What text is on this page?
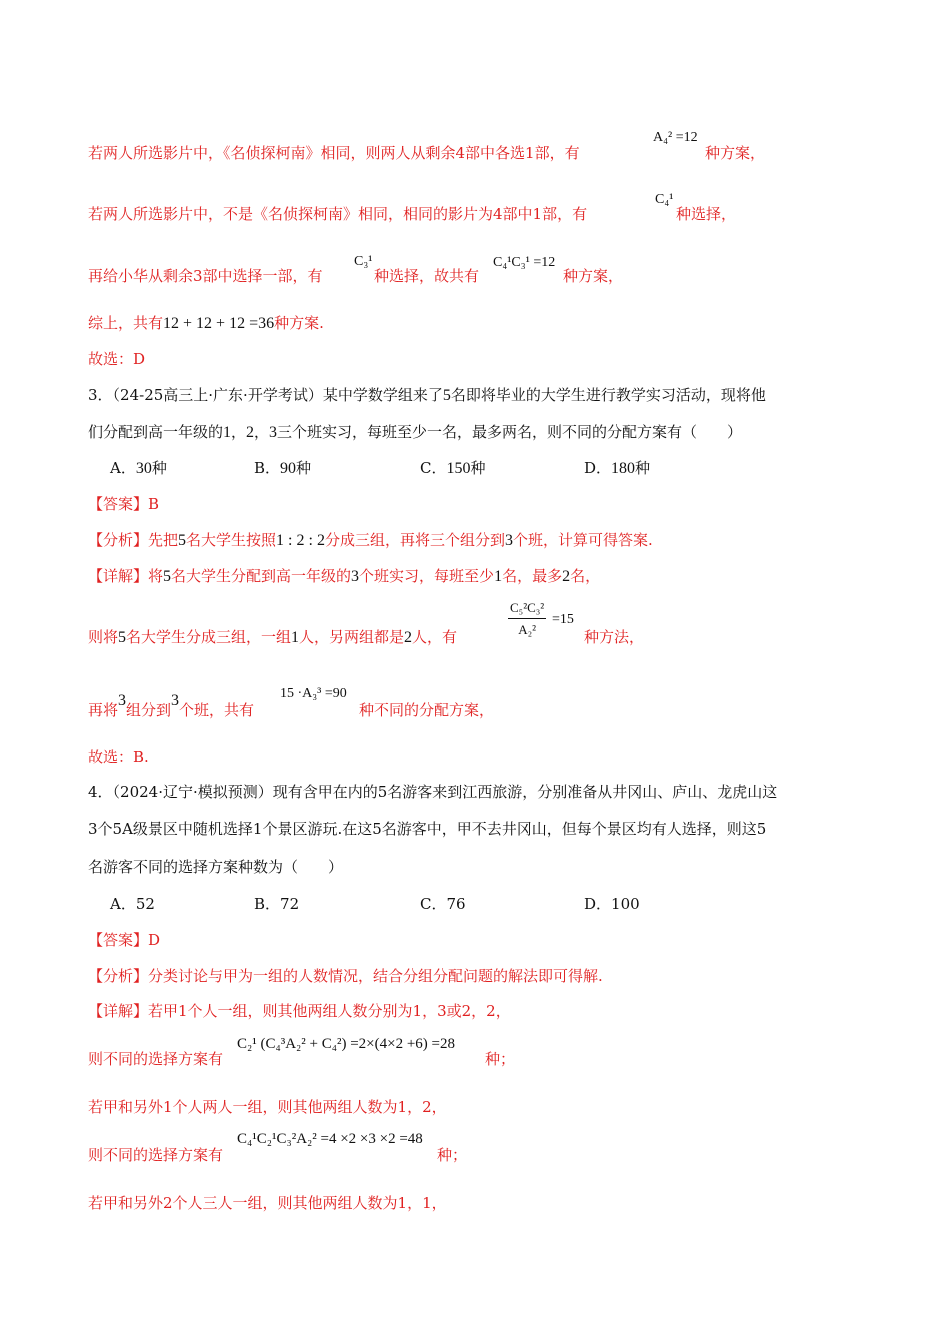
若两人所选影片中，《名侦探柯南》相同，则两人从剩余4部中各选1部，有
A₄² =12
种方案，
若两人所选影片中，不是《名侦探柯南》相同，相同的影片为4部中1部，有
C₄¹
种选择，
再给小华从剩余3部中选择一部，有
C₃¹
种选择，故共有
C₄¹C₃¹ =12
种方案，
综上，共有12 + 12 + 12 =36种方案.
故选：D
3．（24-25高三上·广东·开学考试）某中学数学组来了5名即将毕业的大学生进行教学实习活动，现将他
们分配到高一年级的1，2，3三个班实习，每班至少一名，最多两名，则不同的分配方案有（　　）
A．30种	B．90种	C．150种	D．180种
【答案】B
【分析】先把5名大学生按照1 : 2 : 2分成三组，再将三个组分到3个班，计算可得答案.
【详解】将5名大学生分配到高一年级的3个班实习，每班至少1名，最多2名，
则将5名大学生分成三组，一组1人，另两组都是2人，有	$\frac{\text{C₅²C₃²}}{\text{A₂²}} =15$
种方法，
再将3组分到3个班，共有
15 ·A₃³ =90
种不同的分配方案，
故选：B.
4．（2024·辽宁·模拟预测）现有含甲在内的5名游客来到江西旅游，分别准备从井冈山、庐山、龙虎山这
3个5A级景区中随机选择1个景区游玩.在这5名游客中，甲不去井冈山，但每个景区均有人选择，则这5
名游客不同的选择方案种数为（　　）
A．52	B．72	C．76	D．100
【答案】D
【分析】分类讨论与甲为一组的人数情况，结合分组分配问题的解法即可得解.
【详解】若甲1个人一组，则其他两组人数分别为1，3或2，2，
则不同的选择方案有
C₂¹ (C₄³A₂² + C₄²) =2×(4×2 +6) =28
种；
若甲和另外1个人两人一组，则其他两组人数为1，2，
则不同的选择方案有
C₄¹C₂¹C₃²A₂² =4 ×2 ×3 ×2 =48
种；
若甲和另外2个人三人一组，则其他两组人数为1，1，
